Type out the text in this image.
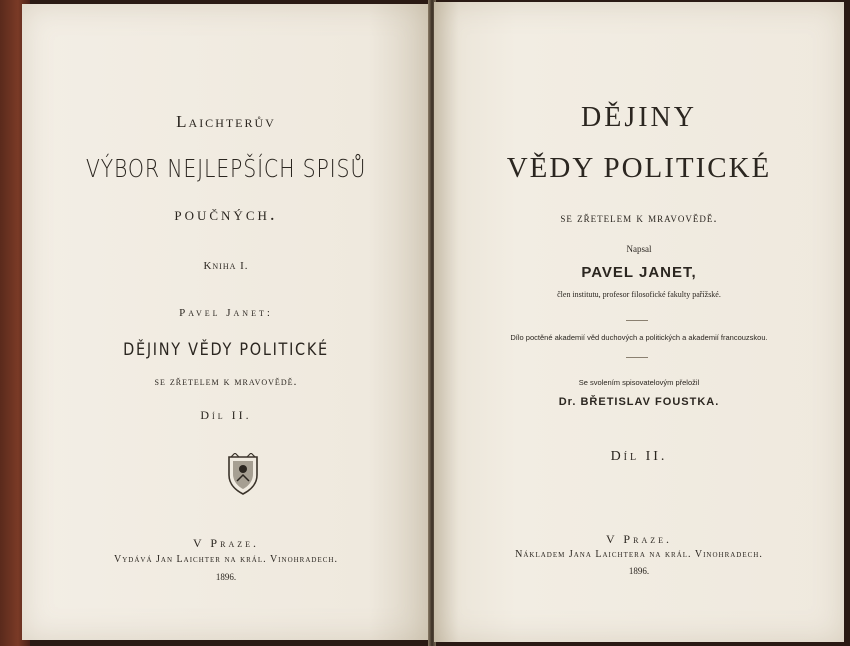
Laichterův
VÝBOR NEJLEPŠÍCH SPISŮ
poučných.
Kniha I.
Pavel Janet:
DĚJINY VĚDY POLITICKÉ
se zřetelem k mravovědě.
Díl II.
V Praze.
Vydává Jan Laichter na král. Vinohradech.
1896.
DĚJINY
VĚDY POLITICKÉ
se zřetelem k mravovědě.
Napsal
PAVEL JANET,
člen institutu, profesor filosofické fakulty pařížské.
Dílo poctěné akademií věd duchových a politických a akademií francouzskou.
Se svolením spisovatelovým přeložil
Dr. BŘETISLAV FOUSTKA.
Díl II.
V Praze.
Nákladem Jana Laichtera na král. Vinohradech.
1896.
